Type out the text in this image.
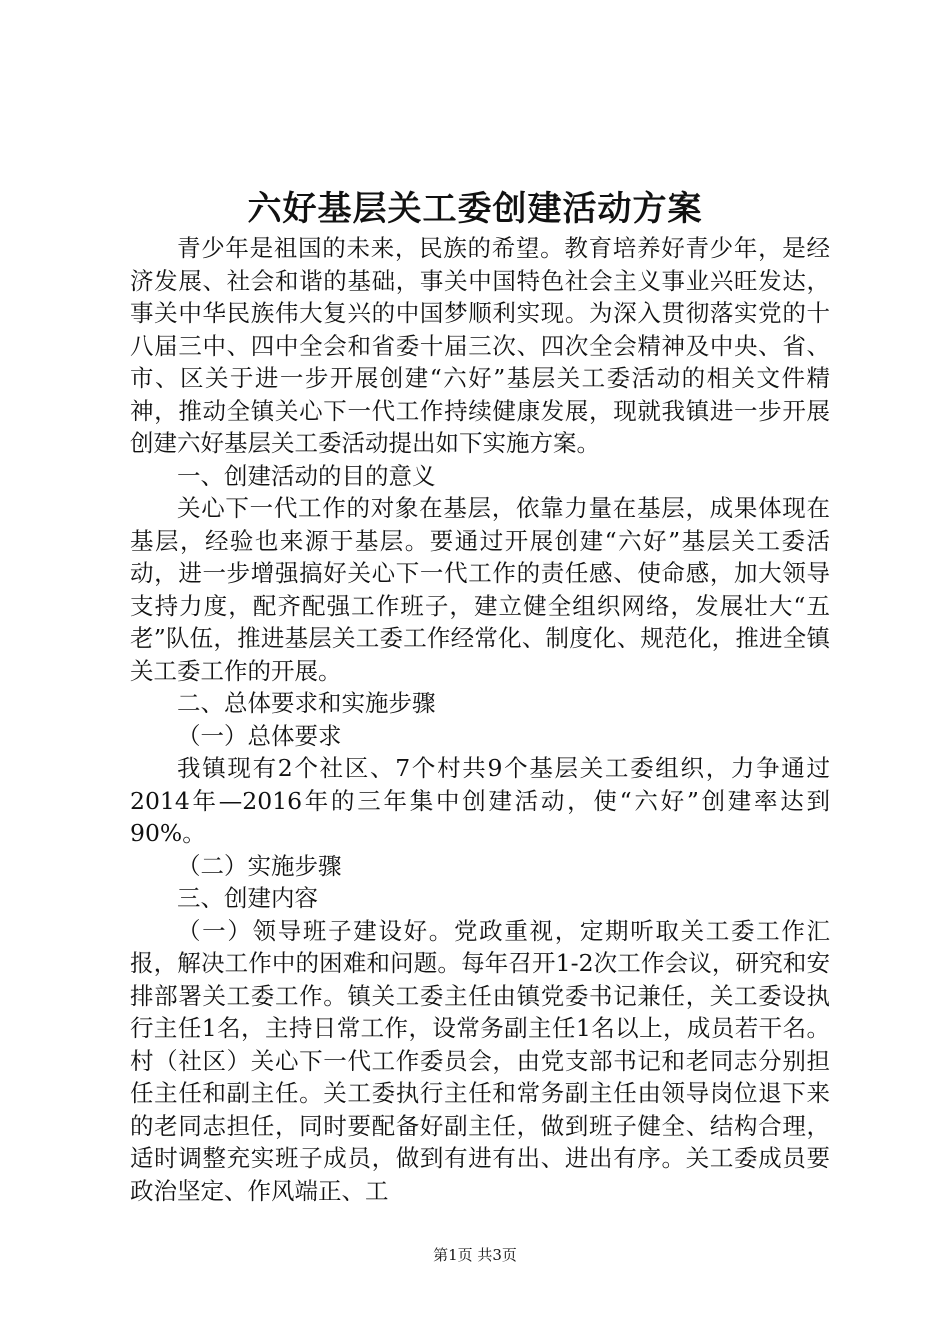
六好基层关工委创建活动方案

青少年是祖国的未来，民族的希望。教育培养好青少年，是经济发展、社会和谐的基础，事关中国特色社会主义事业兴旺发达，事关中华民族伟大复兴的中国梦顺利实现。为深入贯彻落实党的十八届三中、四中全会和省委十届三次、四次全会精神及中央、省、市、区关于进一步开展创建“六好”基层关工委活动的相关文件精神，推动全镇关心下一代工作持续健康发展，现就我镇进一步开展创建六好基层关工委活动提出如下实施方案。

一、创建活动的目的意义

关心下一代工作的对象在基层，依靠力量在基层，成果体现在基层，经验也来源于基层。要通过开展创建“六好”基层关工委活动，进一步增强搞好关心下一代工作的责任感、使命感，加大领导支持力度，配齐配强工作班子，建立健全组织网络，发展壮大“五老”队伍，推进基层关工委工作经常化、制度化、规范化，推进全镇关工委工作的开展。

二、总体要求和实施步骤

（一）总体要求

我镇现有2个社区、7个村共9个基层关工委组织，力争通过2014年—2016年的三年集中创建活动，使“六好”创建率达到90%。

（二）实施步骤

三、创建内容

（一）领导班子建设好。党政重视，定期听取关工委工作汇报，解决工作中的困难和问题。每年召开1-2次工作会议，研究和安排部署关工委工作。镇关工委主任由镇党委书记兼任，关工委设执行主任1名，主持日常工作，设常务副主任1名以上，成员若干名。村（社区）关心下一代工作委员会，由党支部书记和老同志分别担任主任和副主任。关工委执行主任和常务副主任由领导岗位退下来的老同志担任，同时要配备好副主任，做到班子健全、结构合理，适时调整充实班子成员，做到有进有出、进出有序。关工委成员要政治坚定、作风端正、工

第1页 共3页
